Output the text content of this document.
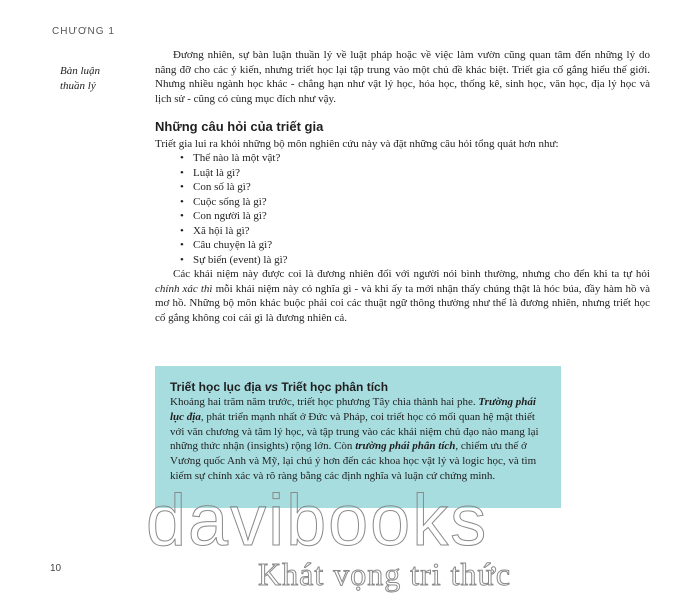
CHƯƠNG 1
Bàn luận
thuần lý

Đương nhiên, sự bàn luận thuần lý về luật pháp hoặc về việc làm vườn cũng quan tâm đến những lý do nâng đỡ cho các ý kiến, nhưng triết học lại tập trung vào một chủ đề khác biệt. Triết gia cố gắng hiểu thế giới. Nhưng nhiều ngành học khác - chẳng hạn như vật lý học, hóa học, thống kê, sinh học, văn học, địa lý học và lịch sử - cũng có cùng mục đích như vậy.

Những câu hỏi của triết gia

Triết gia lui ra khỏi những bộ môn nghiên cứu này và đặt những câu hỏi tổng quát hơn như:

• Thế nào là một vật?
• Luật là gì?
• Con số là gì?
• Cuộc sống là gì?
• Con người là gì?
• Xã hội là gì?
• Câu chuyện là gì?
• Sự biến (event) là gì?

Các khái niệm này được coi là đương nhiên đối với người nói bình thường, nhưng cho đến khi ta tự hỏi chính xác thì mỗi khái niệm này có nghĩa gì - và khi ấy ta mới nhận thấy chúng thật là hóc búa, đầy hàm hồ và mơ hồ. Những bộ môn khác buộc phải coi các thuật ngữ thông thường như thế là đương nhiên, nhưng triết học cố gắng không coi cái gì là đương nhiên cả.

Triết học lục địa vs Triết học phân tích

Khoảng hai trăm năm trước, triết học phương Tây chia thành hai phe. Trường phái lục địa, phát triển mạnh nhất ở Đức và Pháp, coi triết học có mối quan hệ mật thiết với văn chương và tâm lý học, và tập trung vào các khái niệm chủ đạo nào mang lại những thức nhận (insights) rộng lớn. Còn trường phái phân tích, chiếm ưu thế ở Vương quốc Anh và Mỹ, lại chú ý hơn đến các khoa học vật lý và logic học, và tìm kiếm sự chính xác và rõ ràng bằng các định nghĩa và luận cứ chứng minh.

10
davibooks
Khát vọng tri thức
